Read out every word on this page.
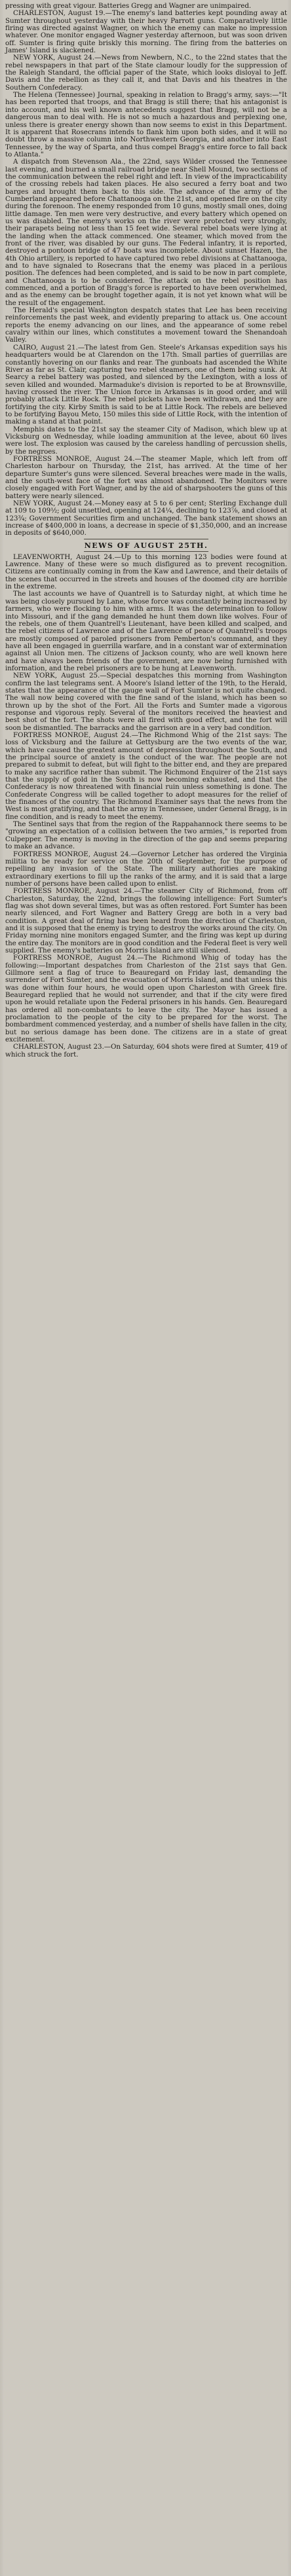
pressing with great vigour. Batteries Gregg and Wagner are unimpaired.

CHARLESTON, August 19.—The enemy's land batteries kept pounding away at Sumter throughout yesterday with their heavy Parrott guns. Comparatively little firing was directed against Wagner, on which the enemy can make no impression whatever. One monitor engaged Wagner yesterday afternoon, but was soon driven off. Sumter is firing quite briskly this morning. The firing from the batteries on James' Island is slackened.

NEW YORK, August 24.—News from Newbern, N.C., to the 22nd states that the rebel newspapers in that part of the State clamour loudly for the suppression of the Raleigh Standard, the official paper of the State, which looks disloyal to Jeff. Davis and the rebellion as they call it, and that Davis and his theatres in the Southern Confederacy.

The Helena (Tennessee) Journal, speaking in relation to Bragg's army, says:—"It has been reported that troops, and that Bragg is still there; that his antagonist is into account, and his well known antecedents suggest that Bragg, will not be a dangerous man to deal with. He is not so much a hazardous and perplexing one, unless there is greater energy shown than now seems to exist in this Department. It is apparent that Rosecrans intends to flank him upon both sides, and it will no doubt throw a massive column into Northwestern Georgia, and another into East Tennessee, by the way of Sparta, and thus compel Bragg's entire force to fall back to Atlanta."

A dispatch from Stevenson Ala., the 22nd, says Wilder crossed the Tennessee last evening, and burned a small railroad bridge near Shell Mound, two sections of the communication between the rebel right and left. In view of the impracticability of the crossing rebels had taken places. He also secured a ferry boat and two barges and brought them back to this side. The advance of the army of the Cumberland appeared before Chattanooga on the 21st, and opened fire on the city during the forenoon. The enemy responded from 10 guns, mostly small ones, doing little damage. Ten men were very destructive, and every battery which opened on us was disabled. The enemy's works on the river were protected very strongly, their parapets being not less than 15 feet wide. Several rebel boats were lying at the landing when the attack commenced. One steamer, which moved from the front of the river, was disabled by our guns. The Federal infantry, it is reported, destroyed a pontoon bridge of 47 boats was incomplete. About sunset Hazen, the 4th Ohio artillery, is reported to have captured two rebel divisions at Chattanooga, and to have signaled to Rosecrans that the enemy was placed in a perilous position. The defences had been completed, and is said to be now in part complete, and Chattanooga is to be considered. The attack on the rebel position has commenced, and a portion of Bragg's force is reported to have been overwhelmed, and as the enemy can be brought together again, it is not yet known what will be the result of the engagement.

The Herald's special Washington despatch states that Lee has been receiving reinforcements the past week, and evidently preparing to attack us. One account reports the enemy advancing on our lines, and the appearance of some rebel cavalry within our lines, which constitutes a movement toward the Shenandoah Valley.

CAIRO, August 21.—The latest from Gen. Steele's Arkansas expedition says his headquarters would be at Clarendon on the 17th. Small parties of guerrillas are constantly hovering on our flanks and rear. The gunboats had ascended the White River as far as St. Clair, capturing two rebel steamers, one of them being sunk. At Searcy a rebel battery was posted, and silenced by the Lexington, with a loss of seven killed and wounded. Marmaduke's division is reported to be at Brownsville, having crossed the river. The Union force in Arkansas is in good order, and will probably attack Little Rock. The rebel pickets have been withdrawn, and they are fortifying the city. Kirby Smith is said to be at Little Rock. The rebels are believed to be fortifying Bayou Meto, 150 miles this side of Little Rock, with the intention of making a stand at that point.

Memphis dates to the 21st say the steamer City of Madison, which blew up at Vicksburg on Wednesday, while loading ammunition at the levee, about 60 lives were lost. The explosion was caused by the careless handling of percussion shells, by the negroes.

FORTRESS MONROE, August 24.—The steamer Maple, which left from off Charleston harbour on Thursday, the 21st, has arrived. At the time of her departure Sumter's guns were silenced. Several breaches were made in the walls, and the south-west face of the fort was almost abandoned. The Monitors were closely engaged with Fort Wagner, and by the aid of sharpshooters the guns of this battery were nearly silenced.

NEW YORK, August 24.—Money easy at 5 to 6 per cent; Sterling Exchange dull at 109 to 109½; gold unsettled, opening at 124¼, declining to 123⅞, and closed at 123¾; Government Securities firm and unchanged. The bank statement shows an increase of $400,000 in loans, a decrease in specie of $1,350,000, and an increase in deposits of $640,000.

NEWS OF AUGUST 25TH.

LEAVENWORTH, August 24.—Up to this morning 123 bodies were found at Lawrence. Many of these were so much disfigured as to prevent recognition. Citizens are continually coming in from the Kaw and Lawrence, and their details of the scenes that occurred in the streets and houses of the doomed city are horrible in the extreme.

The last accounts we have of Quantrell is to Saturday night, at which time he was being closely pursued by Lane, whose force was constantly being increased by farmers, who were flocking to him with arms. It was the determination to follow into Missouri, and if the gang demanded he hunt them down like wolves. Four of the rebels, one of them Quantrell's Lieutenant, have been killed and scalped, and the rebel citizens of Lawrence and of the Lawrence of peace of Quantrell's troops are mostly composed of paroled prisoners from Pemberton's command, and they have all been engaged in guerrilla warfare, and in a constant war of extermination against all Union men. The citizens of Jackson county, who are well known here and have always been friends of the government, are now being furnished with information, and the rebel prisoners are to be hung at Leavenworth.

NEW YORK, August 25.—Special despatches this morning from Washington confirm the last telegrams sent. A Moore's Island letter of the 19th, to the Herald, states that the appearance of the gauge wall of Fort Sumter is not quite changed. The wall now being covered with the fine sand of the island, which has been so thrown up by the shot of the Fort. All the Forts and Sumter made a vigorous response and vigorous reply. Several of the monitors received the heaviest and best shot of the fort. The shots were all fired with good effect, and the fort will soon be dismantled. The barracks and the garrison are in a very bad condition.

FORTRESS MONROE, August 24.—The Richmond Whig of the 21st says: The loss of Vicksburg and the failure at Gettysburg are the two events of the war, which have caused the greatest amount of depression throughout the South, and the principal source of anxiety is the conduct of the war. The people are not prepared to submit to defeat, but will fight to the bitter end, and they are prepared to make any sacrifice rather than submit. The Richmond Enquirer of the 21st says that the supply of gold in the South is now becoming exhausted, and that the Confederacy is now threatened with financial ruin unless something is done. The Confederate Congress will be called together to adopt measures for the relief of the finances of the country. The Richmond Examiner says that the news from the West is most gratifying, and that the army in Tennessee, under General Bragg, is in fine condition, and is ready to meet the enemy.

The Sentinel says that from the region of the Rappahannock there seems to be "growing an expectation of a collision between the two armies," is reported from Culpepper. The enemy is moving in the direction of the gap and seems preparing to make an advance.

FORTRESS MONROE, August 24.—Governor Letcher has ordered the Virginia militia to be ready for service on the 20th of September, for the purpose of repelling any invasion of the State. The military authorities are making extraordinary exertions to fill up the ranks of the army, and it is said that a large number of persons have been called upon to enlist.

FORTRESS MONROE, August 24.—The steamer City of Richmond, from off Charleston, Saturday, the 22nd, brings the following intelligence: Fort Sumter's flag was shot down several times, but was as often restored. Fort Sumter has been nearly silenced, and Fort Wagner and Battery Gregg are both in a very bad condition. A great deal of firing has been heard from the direction of Charleston, and it is supposed that the enemy is trying to destroy the works around the city. On Friday morning nine monitors engaged Sumter, and the firing was kept up during the entire day. The monitors are in good condition and the Federal fleet is very well supplied. The enemy's batteries on Morris Island are still silenced.

FORTRESS MONROE, August 24.—The Richmond Whig of today has the following:—Important despatches from Charleston of the 21st says that Gen. Gillmore sent a flag of truce to Beauregard on Friday last, demanding the surrender of Fort Sumter, and the evacuation of Morris Island, and that unless this was done within four hours, he would open upon Charleston with Greek fire. Beauregard replied that he would not surrender, and that if the city were fired upon he would retaliate upon the Federal prisoners in his hands. Gen. Beauregard has ordered all non-combatants to leave the city. The Mayor has issued a proclamation to the people of the city to be prepared for the worst. The bombardment commenced yesterday, and a number of shells have fallen in the city, but no serious damage has been done. The citizens are in a state of great excitement.

CHARLESTON, August 23.—On Saturday, 604 shots were fired at Sumter, 419 of which struck the fort.
